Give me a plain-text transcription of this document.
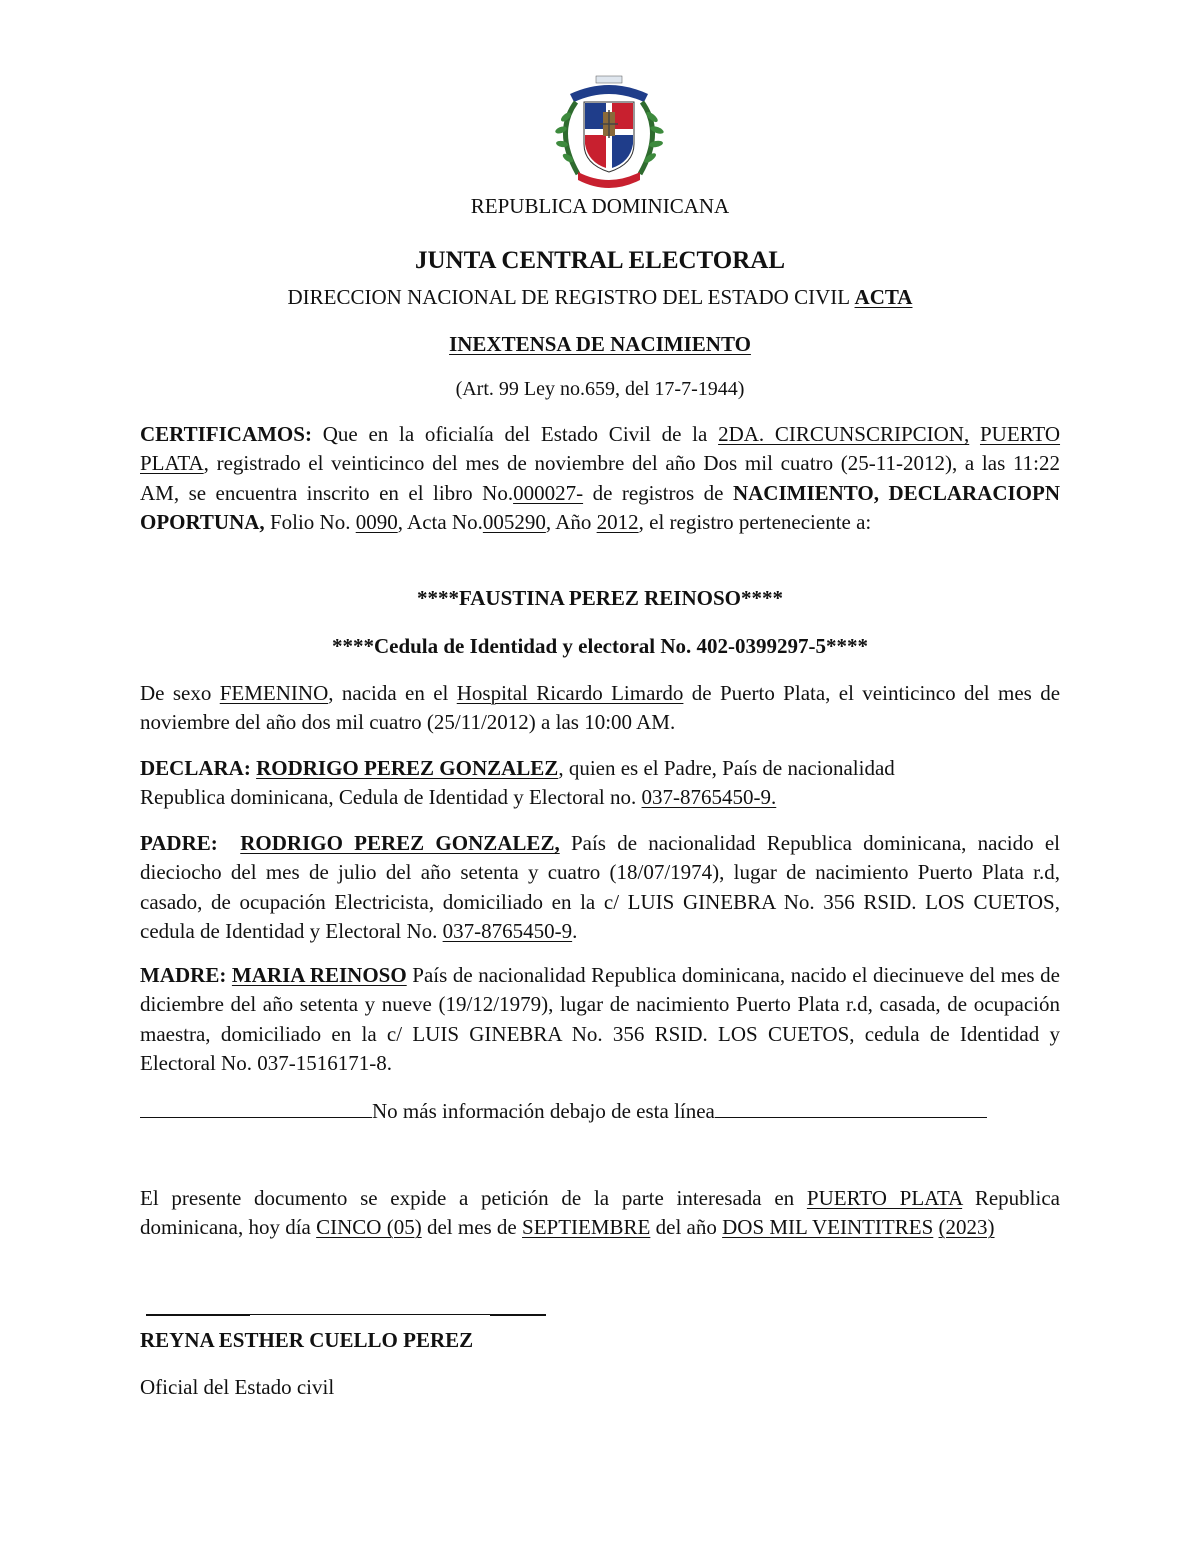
REPUBLICA DOMINICANA

JUNTA CENTRAL ELECTORAL

DIRECCION NACIONAL DE REGISTRO DEL ESTADO CIVIL ACTA

INEXTENSA DE NACIMIENTO

(Art. 99 Ley no.659, del 17-7-1944)

CERTIFICAMOS: Que en la oficialía del Estado Civil de la 2DA. CIRCUNSCRIPCION, PUERTO PLATA, registrado el veinticinco del mes de noviembre del año Dos mil cuatro (25-11-2012), a las 11:22 AM, se encuentra inscrito en el libro No.000027- de registros de NACIMIENTO, DECLARACIOPN OPORTUNA, Folio No. 0090, Acta No.005290, Año 2012, el registro perteneciente a:

****FAUSTINA PEREZ REINOSO****

****Cedula de Identidad y electoral No. 402-0399297-5****

De sexo FEMENINO, nacida en el Hospital Ricardo Limardo de Puerto Plata, el veinticinco del mes de noviembre del año dos mil cuatro (25/11/2012) a las 10:00 AM.

DECLARA: RODRIGO PEREZ GONZALEZ, quien es el Padre, País de nacionalidad
Republica dominicana, Cedula de Identidad y Electoral no. 037-8765450-9.

PADRE: RODRIGO PEREZ GONZALEZ, País de nacionalidad Republica dominicana, nacido el dieciocho del mes de julio del año setenta y cuatro (18/07/1974), lugar de nacimiento Puerto Plata r.d, casado, de ocupación Electricista, domiciliado en la c/ LUIS GINEBRA No. 356 RSID. LOS CUETOS, cedula de Identidad y Electoral No. 037-8765450-9.

MADRE: MARIA REINOSO País de nacionalidad Republica dominicana, nacido el diecinueve del mes de diciembre del año setenta y nueve (19/12/1979), lugar de nacimiento Puerto Plata r.d, casada, de ocupación maestra, domiciliado en la c/ LUIS GINEBRA No. 356 RSID. LOS CUETOS, cedula de Identidad y Electoral No. 037-1516171-8.

No más información debajo de esta línea

El presente documento se expide a petición de la parte interesada en PUERTO PLATA Republica dominicana, hoy día CINCO (05) del mes de SEPTIEMBRE del año DOS MIL VEINTITRES (2023)

REYNA ESTHER CUELLO PEREZ

Oficial del Estado civil
